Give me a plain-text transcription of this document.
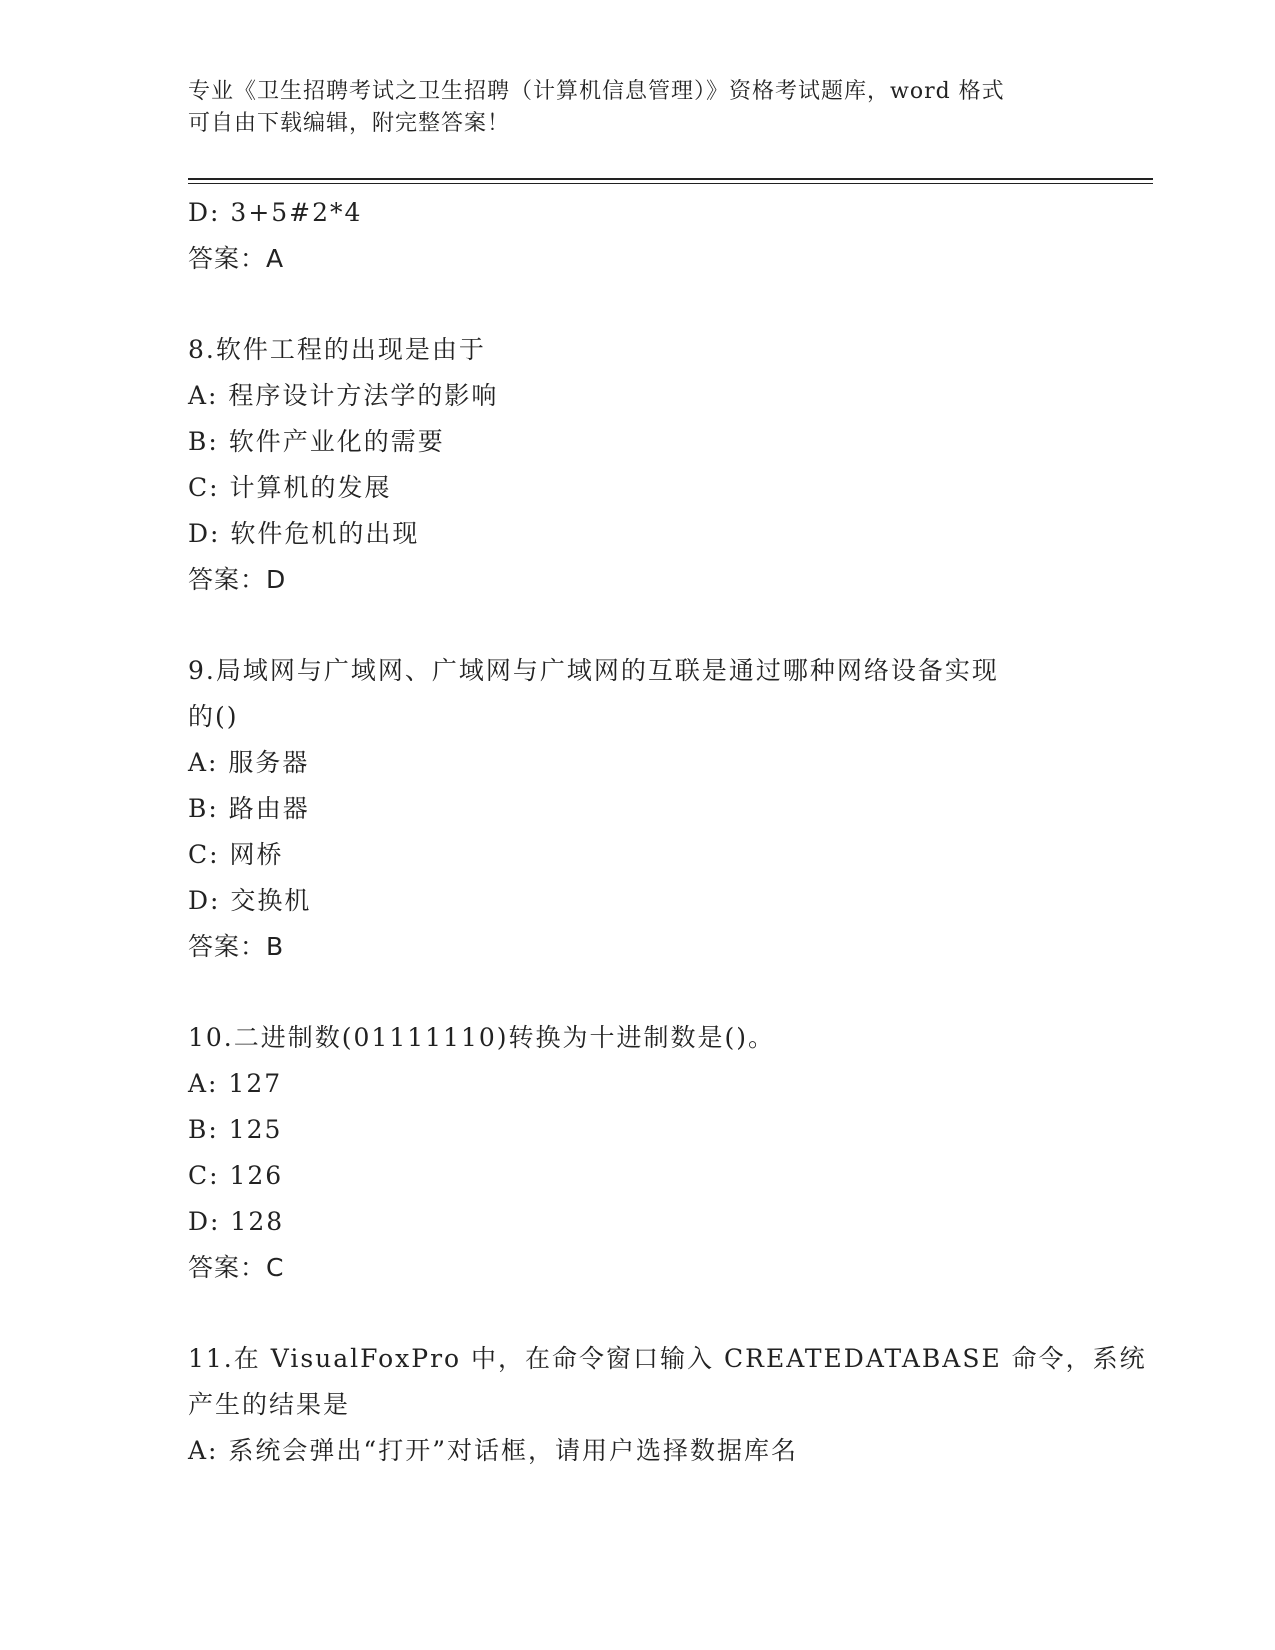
专业《卫生招聘考试之卫生招聘（计算机信息管理）》资格考试题库，word 格式
可自由下载编辑，附完整答案！
D: 3+5#2*4
答案：A
8.软件工程的出现是由于
A: 程序设计方法学的影响
B: 软件产业化的需要
C: 计算机的发展
D: 软件危机的出现
答案：D
9.局域网与广域网、广域网与广域网的互联是通过哪种网络设备实现
的()
A: 服务器
B: 路由器
C: 网桥
D: 交换机
答案：B
10.二进制数(01111110)转换为十进制数是()。
A: 127
B: 125
C: 126
D: 128
答案：C
11.在 VisualFoxPro 中，在命令窗口输入 CREATEDATABASE 命令，系统
产生的结果是
A: 系统会弹出“打开”对话框，请用户选择数据库名
